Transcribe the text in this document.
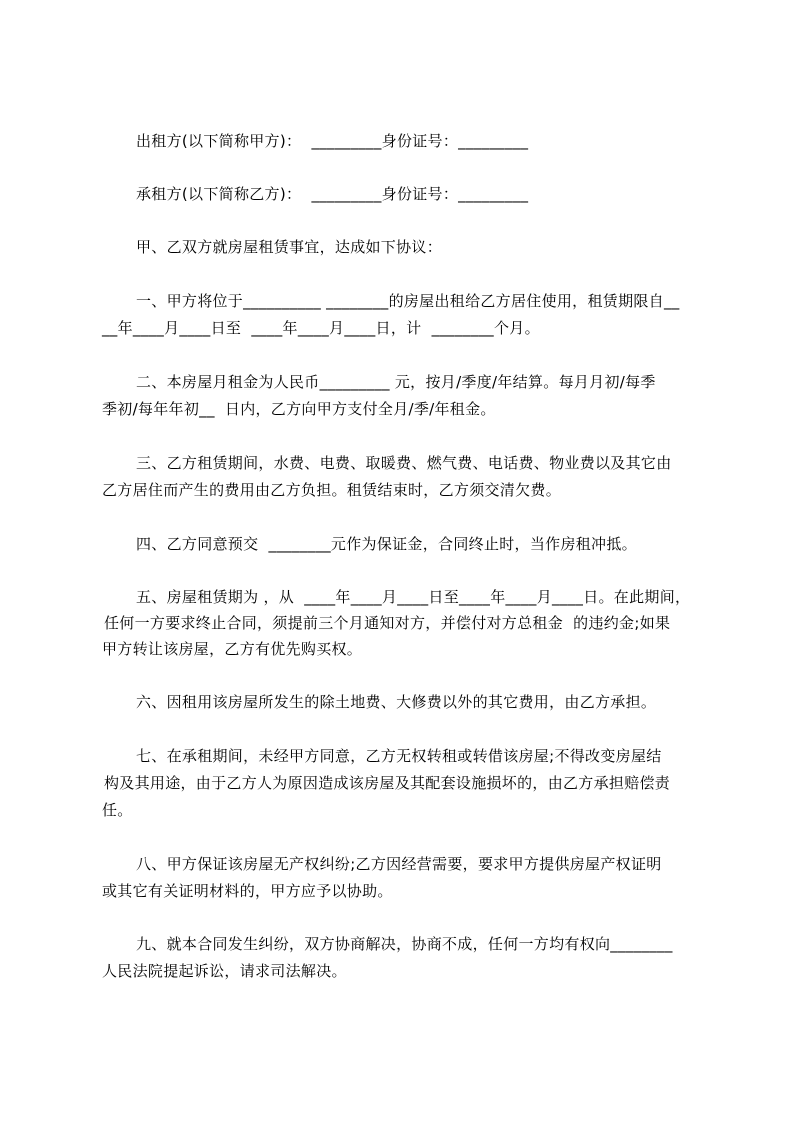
出租方(以下简称甲方)：  _________身份证号：_________
承租方(以下简称乙方)：  _________身份证号：_________
甲、乙双方就房屋租赁事宜，达成如下协议：
一、甲方将位于__________ ________的房屋出租给乙方居住使用，租赁期限自__
__年____月____日至  ____年____月____日，计  ________个月。
二、本房屋月租金为人民币_________ 元，按月/季度/年结算。每月月初/每季
季初/每年年初__  日内，乙方向甲方支付全月/季/年租金。
三、乙方租赁期间，水费、电费、取暖费、燃气费、电话费、物业费以及其它由
乙方居住而产生的费用由乙方负担。租赁结束时，乙方须交清欠费。
四、乙方同意预交  ________元作为保证金，合同终止时，当作房租冲抵。
五、房屋租赁期为 ，从  ____年____月____日至____年____月____日。在此期间，
任何一方要求终止合同，须提前三个月通知对方，并偿付对方总租金  的违约金;如果
甲方转让该房屋，乙方有优先购买权。
六、因租用该房屋所发生的除土地费、大修费以外的其它费用，由乙方承担。
七、在承租期间，未经甲方同意，乙方无权转租或转借该房屋;不得改变房屋结
构及其用途，由于乙方人为原因造成该房屋及其配套设施损坏的，由乙方承担赔偿责
任。
八、甲方保证该房屋无产权纠纷;乙方因经营需要，要求甲方提供房屋产权证明
或其它有关证明材料的，甲方应予以协助。
九、就本合同发生纠纷，双方协商解决，协商不成，任何一方均有权向________
人民法院提起诉讼，请求司法解决。
